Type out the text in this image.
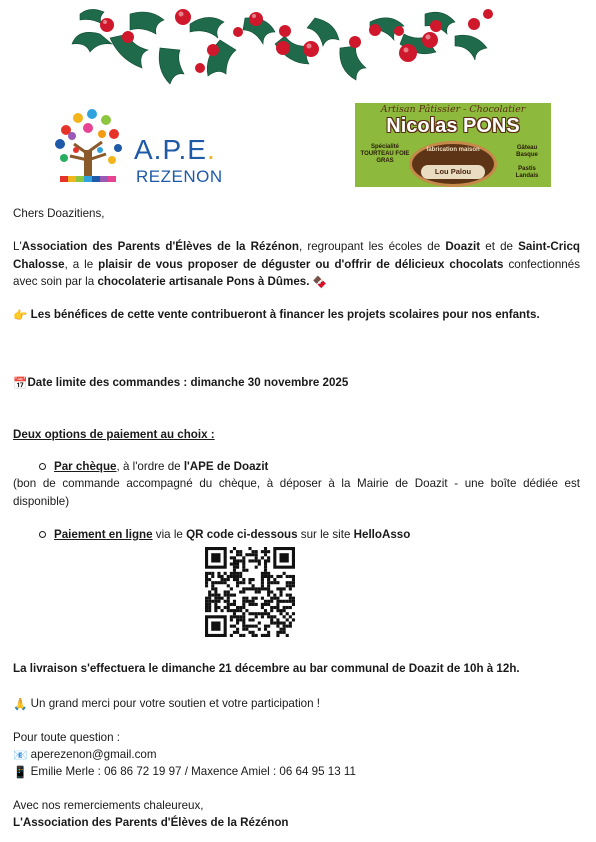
A.P.E.
REZENON
Artisan Pâtissier - Chocolatier
Nicolas PONS
Spécialité
TOURTEAU FOIE GRAS
fabrication maison
Lou Palou
Gâteau
Basque

Pastis
Landais
Chers Doazitiens,
L'Association des Parents d'Élèves de la Rézénon, regroupant les écoles de Doazit et de Saint-Cricq Chalosse, a le plaisir de vous proposer de déguster ou d'offrir de délicieux chocolats confectionnés avec soin par la chocolaterie artisanale Pons à Dûmes. 🍫
👉 Les bénéfices de cette vente contribueront à financer les projets scolaires pour nos enfants.
📅Date limite des commandes : dimanche 30 novembre 2025
Deux options de paiement au choix :
Par chèque, à l'ordre de l'APE de Doazit
(bon de commande accompagné du chèque, à déposer à la Mairie de Doazit - une boîte dédiée est disponible)
Paiement en ligne via le QR code ci-dessous sur le site HelloAsso
La livraison s'effectuera le dimanche 21 décembre au bar communal de Doazit de 10h à 12h.
🙏 Un grand merci pour votre soutien et votre participation !
Pour toute question :
📧 aperezenon@gmail.com
📱 Emilie Merle : 06 86 72 19 97 / Maxence Amiel : 06 64 95 13 11
Avec nos remerciements chaleureux,
L'Association des Parents d'Élèves de la Rézénon
